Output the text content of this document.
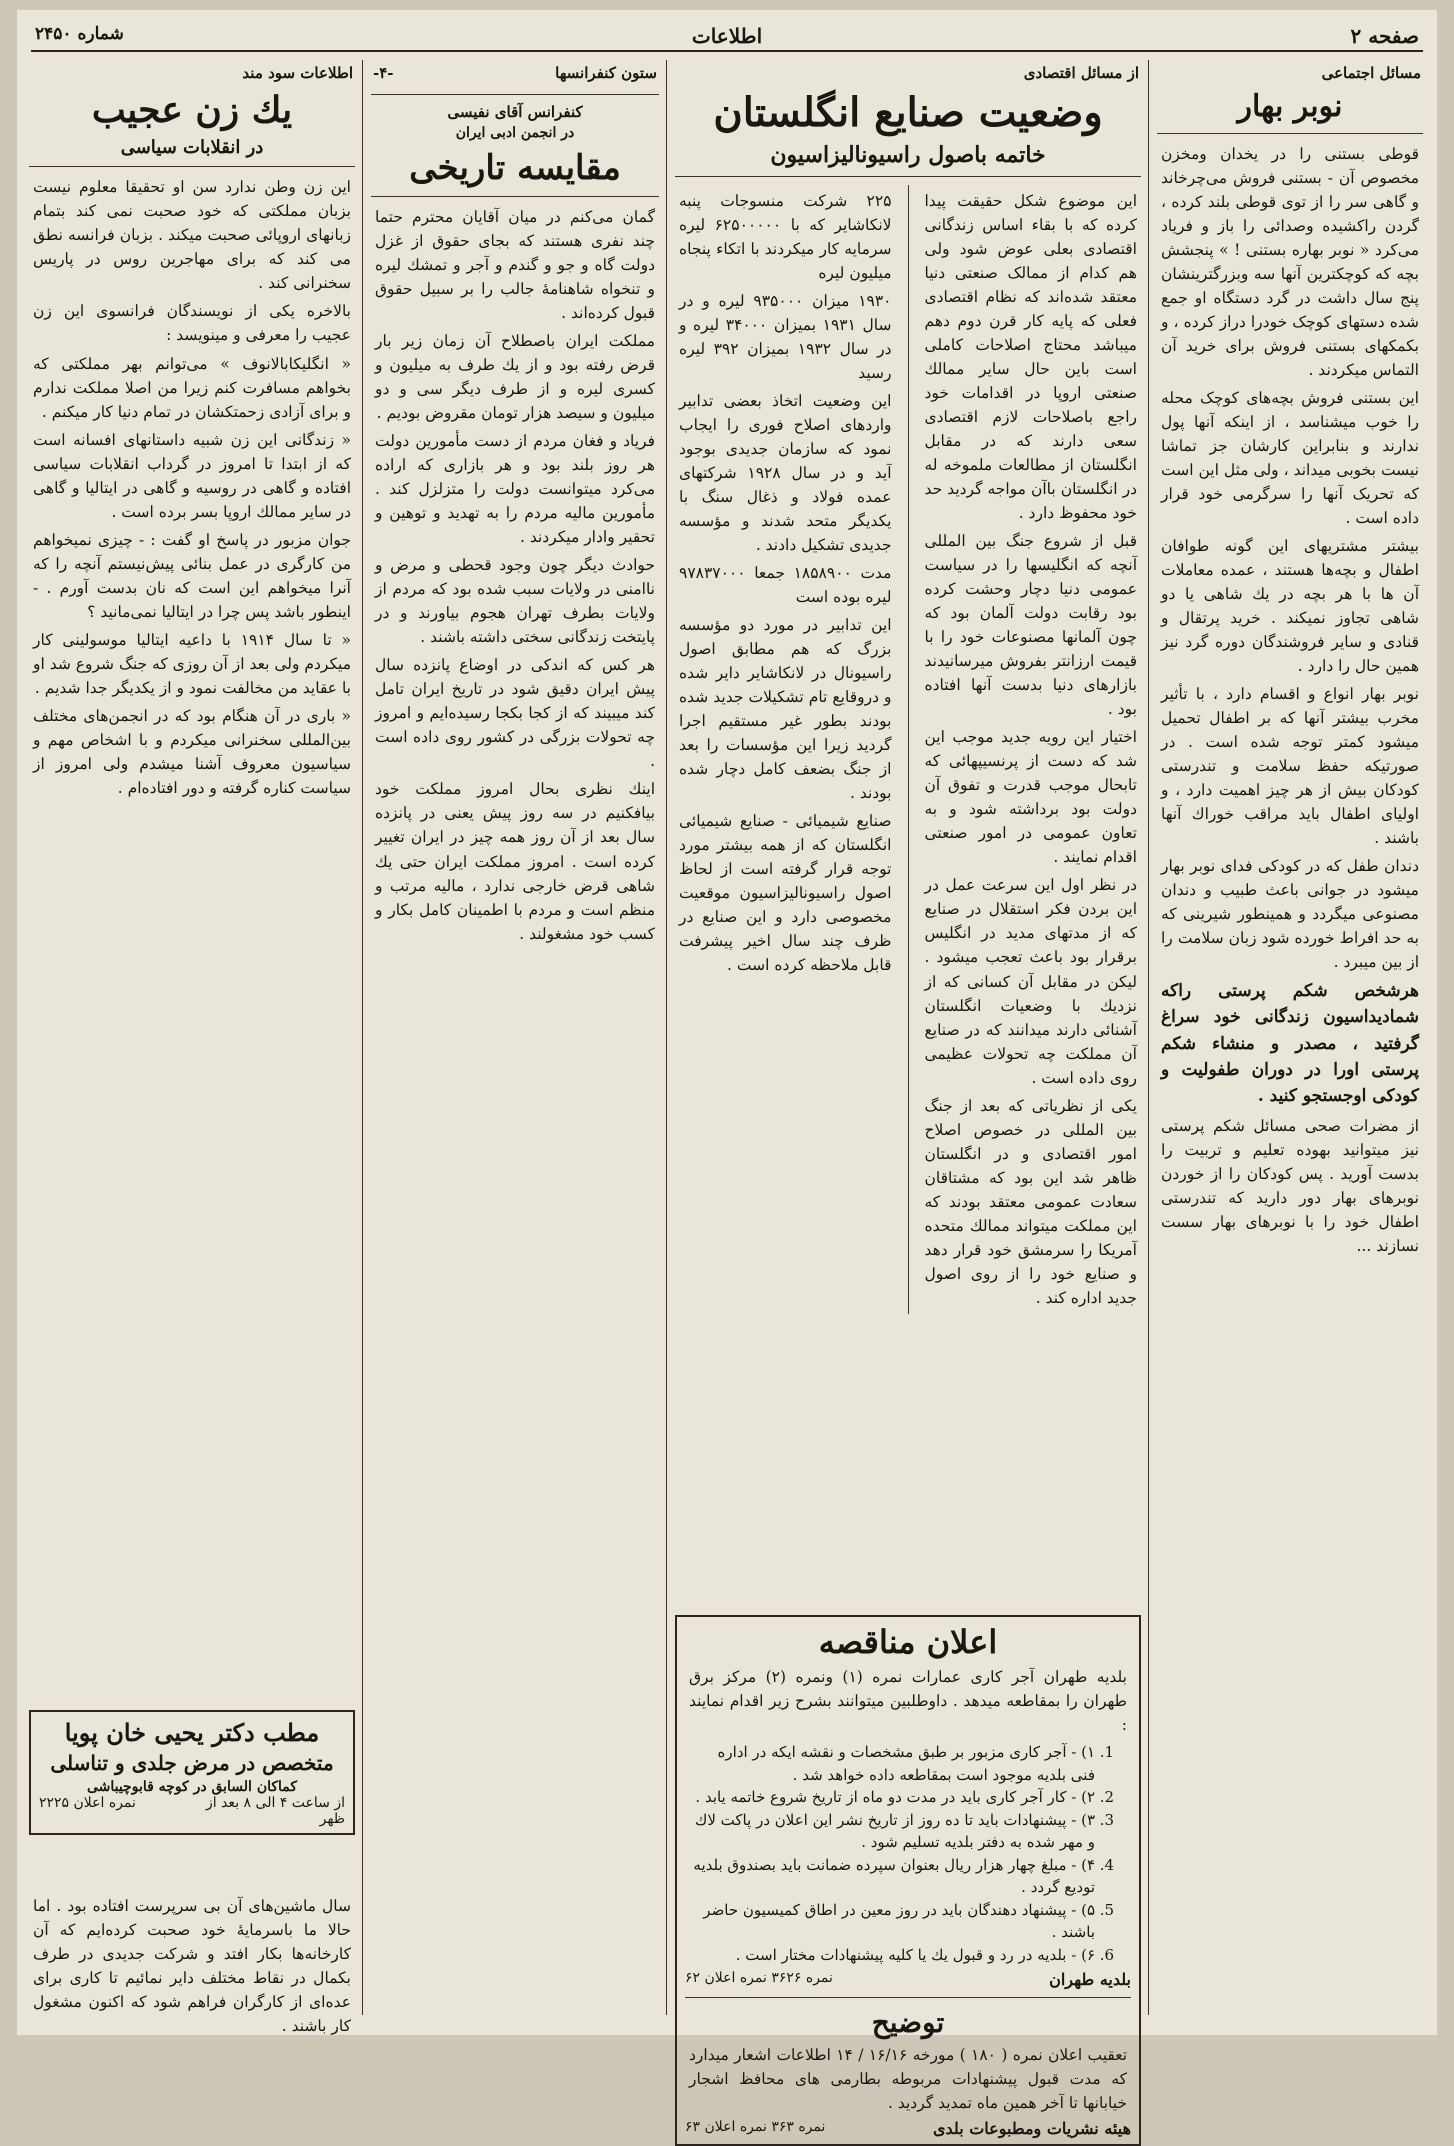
صفحه ۲
اطلاعات
شماره ۲۴۵۰
مسائل اجتماعی
نوبر بهار

قوطی بستنی را در یخدان ومخزن مخصوص آن - بستنی فروش می‌چرخاند و گاهی سر را از توی قوطی بلند کرده ، گردن راکشیده وصدائی را باز و فریاد می‌کرد « نوبر بهاره بستنی ! » پنجشش بچه که کوچکترین آنها سه وبزرگترینشان پنج سال داشت در گرد دستگاه او جمع شده دستهای کوچک خودرا دراز کرده ، و بکمکهای بستنی فروش برای خرید آن التماس میکردند .

این بستنی فروش بچه‌های کوچک محله را خوب میشناسد ، از اینکه آنها پول ندارند و بنابراین کارشان جز تماشا نیست بخوبی میداند ، ولی مثل این است که تحریک آنها را سرگرمی خود قرار داده است .

بیشتر مشتریهای این گونه طوافان اطفال و بچه‌ها هستند ، عمده معاملات آن ها با هر بچه در یك شاهی یا دو شاهی تجاوز نمیکند . خرید پرتقال و قنادی و سایر فروشندگان دوره گرد نیز همین حال را دارد .

نوبر بهار انواع و اقسام دارد ، با تأثیر مخرب بیشتر آنها که بر اطفال تحمیل میشود کمتر توجه شده است . در صورتیکه حفظ سلامت و تندرستی کودکان بیش از هر چیز اهمیت دارد ، و اولیای اطفال باید مراقب خوراك آنها باشند .

دندان طفل که در کودکی فدای نوبر بهار میشود در جوانی باعث طبیب و دندان مصنوعی میگردد و همینطور شیرینی که به حد افراط خورده شود زبان سلامت را از بین میبرد .

هرشخص شکم پرستی راکه شمادیداسیون زندگانی خود سراغ گرفتید ، مصدر و منشاء شکم پرستی اورا در دوران طفولیت و کودکی اوجستجو کنید .

از مضرات صحی مسائل شکم پرستی نیز میتوانید بهوده تعلیم و تربیت را بدست آورید . پس کودکان را از خوردن نوبرهای بهار دور دارید که تندرستی اطفال خود را با نوبرهای بهار سست نسازند ...

از مسائل اقتصادی
وضعیت صنایع انگلستان
خاتمه باصول راسیونالیزاسیون

این موضوع شکل حقیقت پیدا کرده که با بقاء اساس زندگانی اقتصادی بعلی عوض شود ولی هم کدام از ممالک صنعتی دنیا معتقد شده‌اند که نظام اقتصادی فعلی که پایه کار قرن دوم دهم میباشد محتاج اصلاحات کاملی است باین حال سایر ممالك صنعتی اروپا در اقدامات خود راجع باصلاحات لازم اقتصادی سعی دارند که در مقابل انگلستان از مطالعات ملموخه له در انگلستان باآن مواجه گردید حد خود محفوظ دارد .

قبل از شروع جنگ بین المللی آنچه که انگلیسها را در سیاست عمومی دنیا دچار وحشت کرده بود رقابت دولت آلمان بود که چون آلمانها مصنوعات خود را با قیمت ارزانتر بفروش میرسانیدند بازارهای دنیا بدست آنها افتاده بود .

اختیار این رویه جدید موجب این شد که دست از پرنسیپهائی که تابحال موجب قدرت و تفوق آن دولت بود برداشته شود و به تعاون عمومی در امور صنعتی اقدام نمایند .

در نظر اول این سرعت عمل در این بردن فکر استقلال در صنایع که از مدتهای مدید در انگلیس برقرار بود باعث تعجب میشود . لیکن در مقابل آن کسانی که از نزدیك با وضعیات انگلستان آشنائی دارند میدانند که در صنایع آن مملکت چه تحولات عظیمی روی داده است .

یکی از نظریاتی که بعد از جنگ بین المللی در خصوص اصلاح امور اقتصادی و در انگلستان ظاهر شد این بود که مشتاقان سعادت عمومی معتقد بودند که این مملکت میتواند ممالك متحده آمریکا را سرمشق خود قرار دهد و صنایع خود را از روی اصول جدید اداره کند .

۲۲۵ شرکت منسوجات پنبه لانکاشایر که با ۶۲۵۰۰۰۰۰ لیره سرمایه کار میکردند با اتکاء پنجاه میلیون لیره

۱۹۳۰ میزان ۹۳۵۰۰۰ لیره و در سال ۱۹۳۱ بمیزان ۳۴۰۰۰ لیره و در سال ۱۹۳۲ بمیزان ۳۹۲ لیره رسید

این وضعیت اتخاذ بعضی تدابیر واردهای اصلاح فوری را ایجاب نمود که سازمان جدیدی بوجود آید و در سال ۱۹۲۸ شرکتهای عمده فولاد و ذغال سنگ با یکدیگر متحد شدند و مؤسسه جدیدی تشکیل دادند .

مدت ۱۸۵۸۹۰۰ جمعا ۹۷۸۳۷۰۰۰ لیره بوده است

این تدابیر در مورد دو مؤسسه بزرگ که هم مطابق اصول راسیونال در لانکاشایر دایر شده و دروقایع تام تشکیلات جدید شده بودند بطور غیر مستقیم اجرا گردید زیرا این مؤسسات را بعد از جنگ بضعف کامل دچار شده بودند .

صنایع شیمیائی - صنایع شیمیائی انگلستان که از همه بیشتر مورد توجه قرار گرفته است از لحاظ اصول راسیونالیزاسیون موقعیت مخصوصی دارد و این صنایع در ظرف چند سال اخیر پیشرفت قابل ملاحظه کرده است .

اعلان مناقصه

بلدیه طهران آجر کاری عمارات نمره (۱) ونمره (۲) مرکز برق طهران را بمقاطعه میدهد . داوطلبین میتوانند بشرح زیر اقدام نمایند :

1. ۱) - آجر کاری مزبور بر طبق مشخصات و نقشه ایکه در اداره فنی بلدیه موجود است بمقاطعه داده خواهد شد .
2. ۲) - کار آجر کاری باید در مدت دو ماه از تاریخ شروع خاتمه یابد .
3. ۳) - پیشنهادات باید تا ده روز از تاریخ نشر این اعلان در پاکت لاك و مهر شده به دفتر بلدیه تسلیم شود .
4. ۴) - مبلغ چهار هزار ریال بعنوان سپرده ضمانت باید بصندوق بلدیه تودیع گردد .
5. ۵) - پیشنهاد دهندگان باید در روز معین در اطاق کمیسیون حاضر باشند .
6. ۶) - بلدیه در رد و قبول یك یا کلیه پیشنهادات مختار است .
بلدیه طهران
نمره ۳۶۲۶ نمره اعلان ۶۲
توضیح

تعقیب اعلان نمره ( ۱۸۰ ) مورخه ۱۶/۱۶ / ۱۴ اطلاعات اشعار میدارد که مدت قبول پیشنهادات مربوطه بطارمی های محافظ اشجار خیابانها تا آخر همین ماه تمدید گردید .

هیئه نشریات ومطبوعات بلدی
نمره ۳۶۳ نمره اعلان ۶۳
ستون کنفرانسها
-۴-
کنفرانس آقای نفیسی
در انجمن ادبی ایران
مقایسه تاریخی

گمان می‌کنم در میان آقایان محترم حتما چند نفری هستند که بجای حقوق از غزل دولت گاه و جو و گندم و آجر و تمشك لیره و تنخواه شاهنامهٔ جالب را بر سبیل حقوق قبول کرده‌اند .

مملکت ایران باصطلاح آن زمان زیر بار قرض رفته بود و از یك طرف به میلیون و کسری لیره و از طرف دیگر سی و دو میلیون و سیصد هزار تومان مقروض بودیم .

فریاد و فغان مردم از دست مأمورین دولت هر روز بلند بود و هر بازاری که اراده می‌کرد میتوانست دولت را متزلزل کند . مأمورین مالیه مردم را به تهدید و توهین و تحقیر وادار میکردند .

حوادث دیگر چون وجود قحطی و مرض و ناامنی در ولایات سبب شده بود که مردم از ولایات بطرف تهران هجوم بیاورند و در پایتخت زندگانی سختی داشته باشند .

هر کس که اندکی در اوضاع پانزده سال پیش ایران دقیق شود در تاریخ ایران تامل کند میبیند که از کجا بکجا رسیده‌ایم و امروز چه تحولات بزرگی در کشور روی داده است .

اینك نظری بحال امروز مملکت خود بیافکنیم در سه روز پیش یعنی در پانزده سال بعد از آن روز همه چیز در ایران تغییر کرده است . امروز مملکت ایران حتی یك شاهی قرض خارجی ندارد ، مالیه مرتب و منظم است و مردم با اطمینان کامل بکار و کسب خود مشغولند .

اطلاعات سود مند
یك زن عجیب
در انقلابات سیاسی

این زن وطن ندارد سن او تحقیقا معلوم نیست بزبان مملکتی که خود صحبت نمی کند بتمام زبانهای اروپائی صحبت میکند . بزبان فرانسه نطق می کند که برای مهاجرین روس در پاریس سخنرانی کند .

بالاخره یکی از نویسندگان فرانسوی این زن عجیب را معرفی و مینویسد :

« انگلیکابالانوف » می‌توانم بهر مملکتی که بخواهم مسافرت کنم زیرا من اصلا مملکت ندارم و برای آزادی زحمتکشان در تمام دنیا کار میکنم .

« زندگانی این زن شبیه داستانهای افسانه است که از ابتدا تا امروز در گرداب انقلابات سیاسی افتاده و گاهی در روسیه و گاهی در ایتالیا و گاهی در سایر ممالك اروپا بسر برده است .

جوان مزبور در پاسخ او گفت : - چیزی نمیخواهم من کارگری در عمل بنائی پیش‌نیستم آنچه را که آنرا میخواهم این است که نان بدست آورم . - اینطور باشد پس چرا در ایتالیا نمی‌مانید ؟

« تا سال ۱۹۱۴ با داعیه ایتالیا موسولینی کار میکردم ولی بعد از آن روزی که جنگ شروع شد او با عقاید من مخالفت نمود و از یکدیگر جدا شدیم .

« باری در آن هنگام بود که در انجمن‌های مختلف بین‌المللی سخنرانی میکردم و با اشخاص مهم و سیاسیون معروف آشنا میشدم ولی امروز از سیاست کناره گرفته و دور افتاده‌ام .

مطب دکتر یحیی خان پویا
متخصص در مرض جلدی و تناسلی
کماکان السابق در کوچه قابوچیباشی
از ساعت ۴ الی ۸ بعد از ظهر
نمره اعلان ۲۲۲۵

سال ماشین‌های آن بی سرپرست افتاده بود . اما حالا ما باسرمایهٔ خود صحبت کرده‌ایم که آن کارخانه‌ها بکار افتد و شرکت جدیدی در طرف بکمال در نقاط مختلف دایر نمائیم تا کاری برای عده‌ای از کارگران فراهم شود که اکنون مشغول کار باشند .
